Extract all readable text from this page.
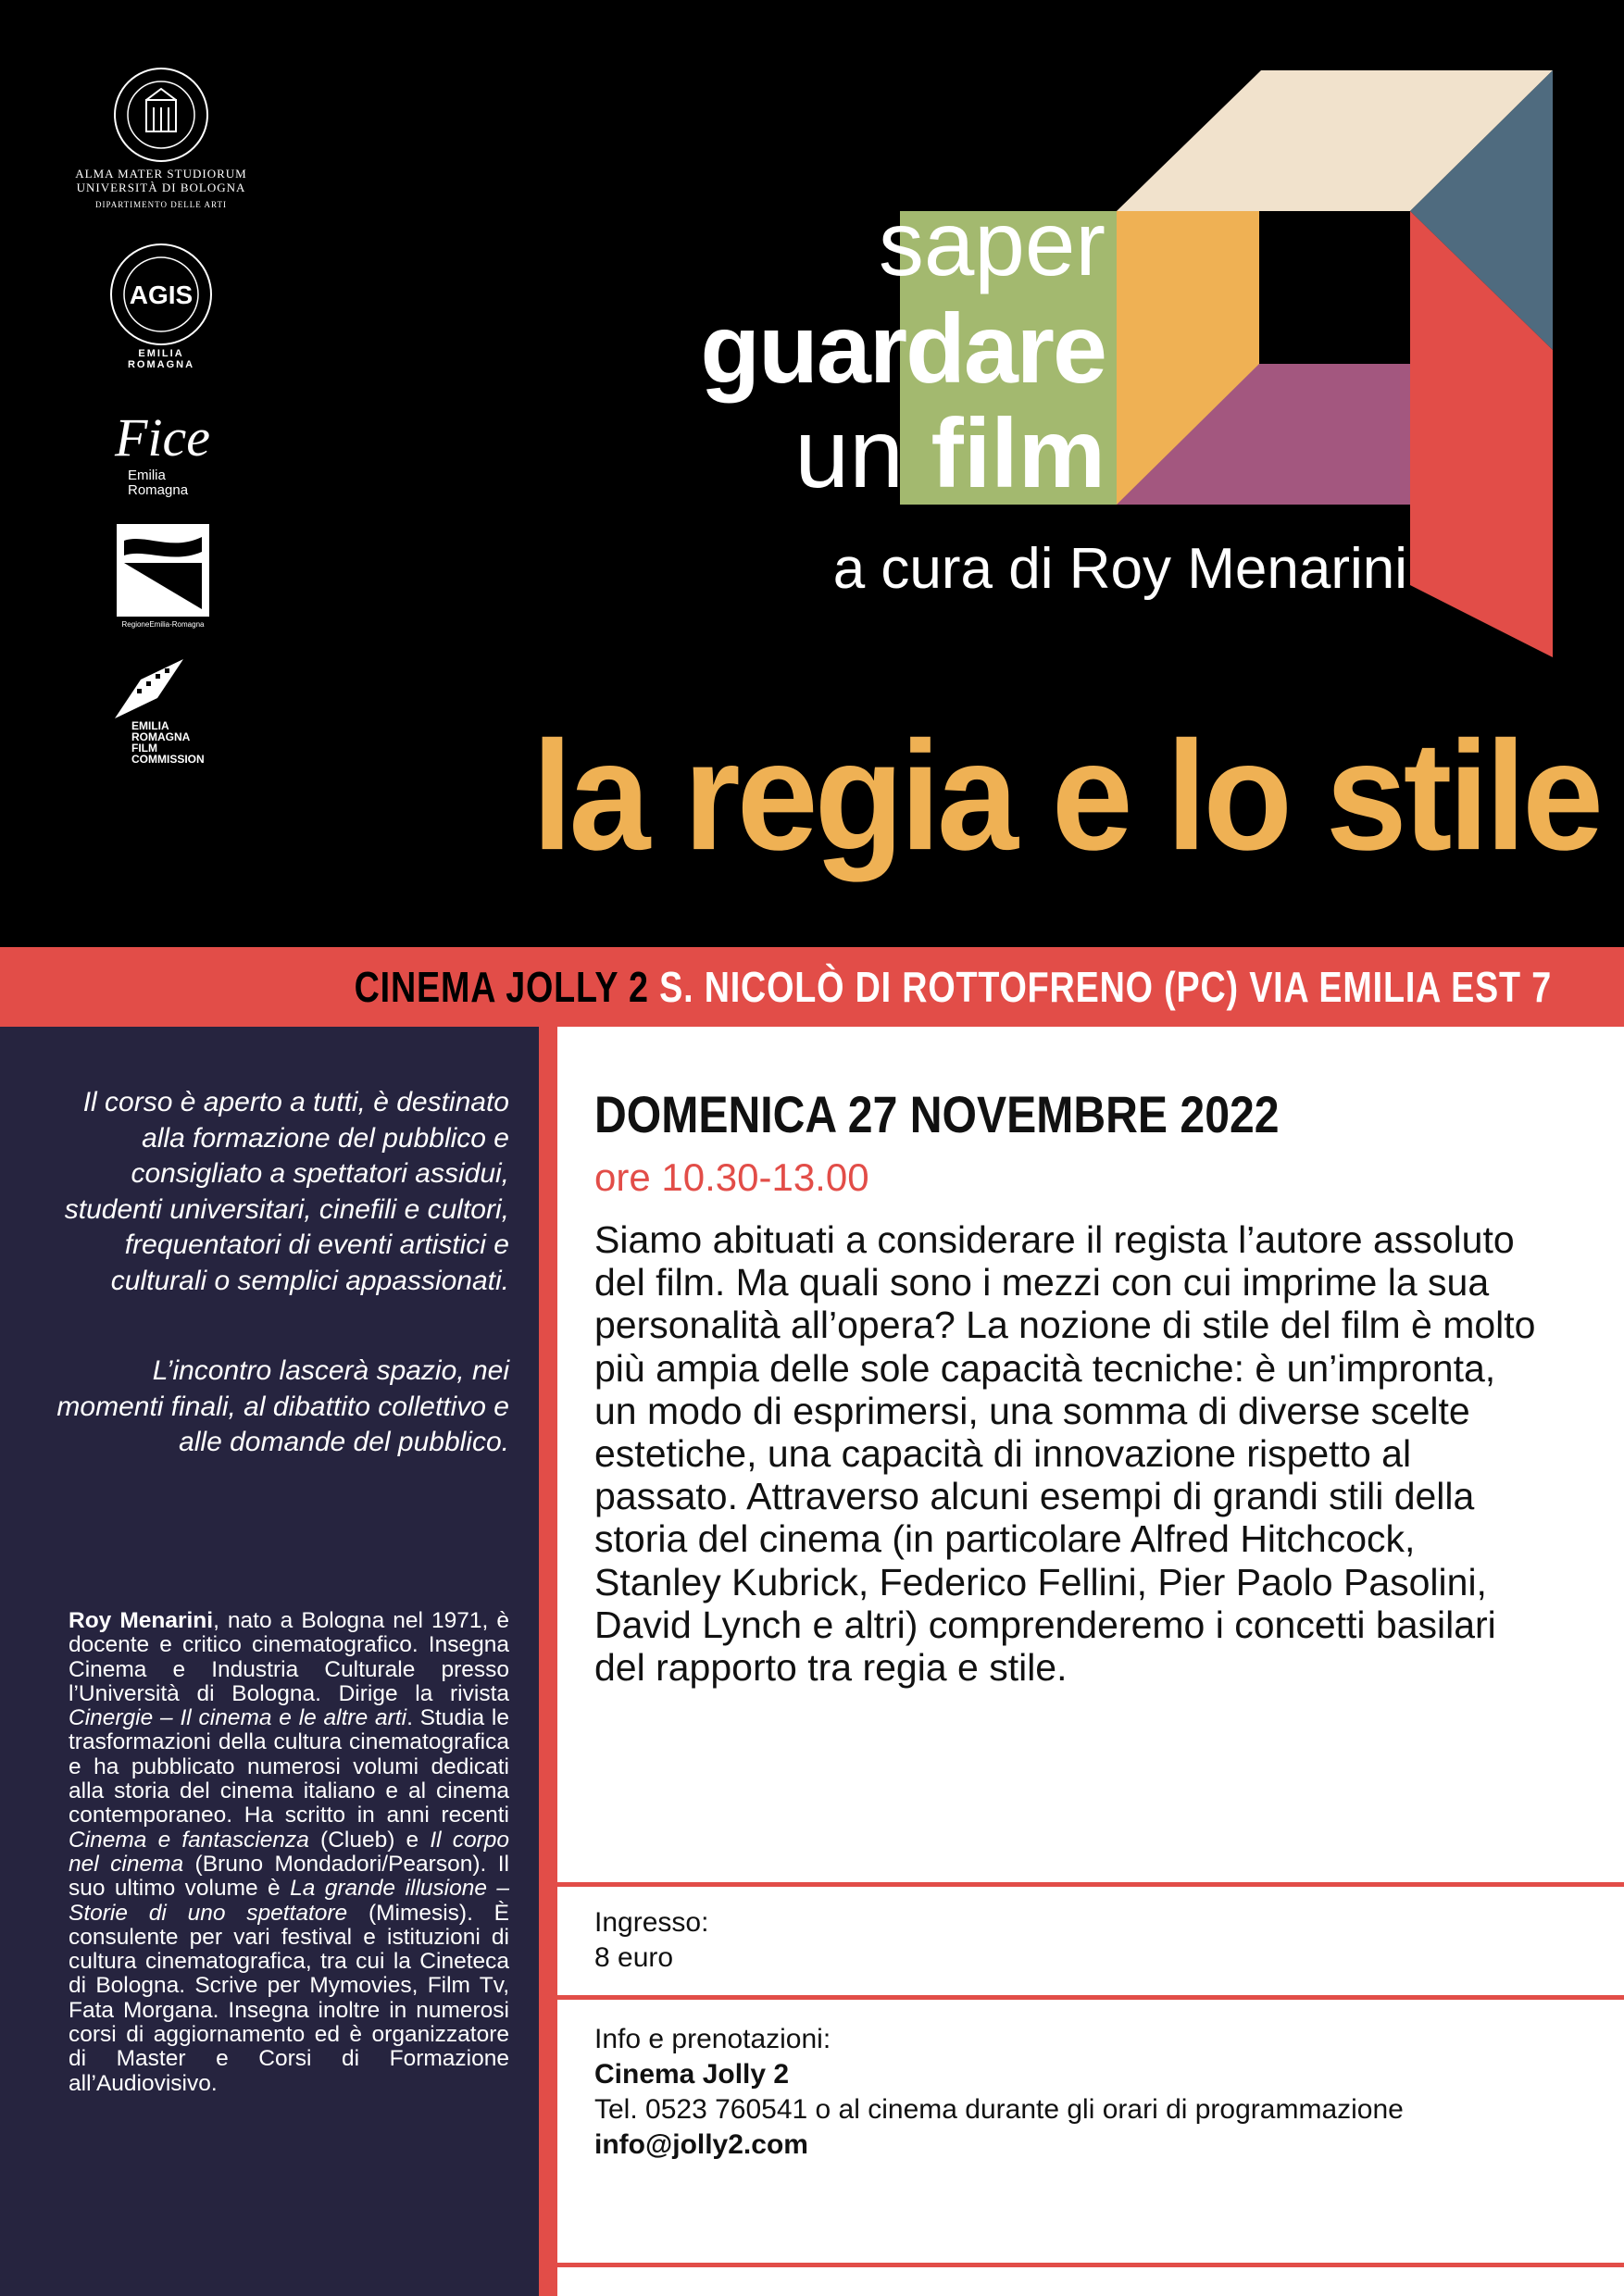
ALMA MATER STUDIORUM
UNIVERSITÀ DI BOLOGNA
DIPARTIMENTO DELLE ARTI
AGIS
EMILIA
ROMAGNA
Fice
Emilia
Romagna
RegioneEmilia-Romagna
EMILIA
ROMAGNA
FILM
COMMISSION
saper
guardare
un film
a cura di Roy Menarini
la regia e lo stile
CINEMA JOLLY 2 S. NICOLÒ DI ROTTOFRENO (PC) VIA EMILIA EST 7

Il corso è aperto a tutti, è destinato alla formazione del pubblico e consigliato a spettatori assidui, studenti universitari, cinefili e cultori, frequentatori di eventi artistici e culturali o semplici appassionati.

L’incontro lascerà spazio, nei momenti finali, al dibattito collettivo e alle domande del pubblico.

Roy Menarini, nato a Bologna nel 1971, è docente e critico cinematografico. Insegna Cinema e Industria Culturale presso l’Università di Bologna. Dirige la rivista Cinergie – Il cinema e le altre arti. Studia le trasformazioni della cultura cinematografica e ha pubblicato numerosi volumi dedicati alla storia del cinema italiano e al cinema contemporaneo. Ha scritto in anni recenti Cinema e fantascienza (Clueb) e Il corpo nel cinema (Bruno Mondadori/Pearson). Il suo ultimo volume è La grande illusione – Storie di uno spettatore (Mimesis). È consulente per vari festival e istituzioni di cultura cinematografica, tra cui la Cineteca di Bologna. Scrive per Mymovies, Film Tv, Fata Morgana. Insegna inoltre in numerosi corsi di aggiornamento ed è organizzatore di Master e Corsi di Formazione all’Audiovisivo.

DOMENICA 27 NOVEMBRE 2022
ore 10.30-13.00

Siamo abituati a considerare il regista l’autore assoluto del film. Ma quali sono i mezzi con cui imprime la sua personalità all’opera? La nozione di stile del film è molto più ampia delle sole capacità tecniche: è un’impronta, un modo di esprimersi, una somma di diverse scelte estetiche, una capacità di innovazione rispetto al passato. Attraverso alcuni esempi di grandi stili della storia del cinema (in particolare Alfred Hitchcock, Stanley Kubrick, Federico Fellini, Pier Paolo Pasolini, David Lynch e altri) comprenderemo i concetti basilari del rapporto tra regia e stile.

Ingresso:
8 euro
Info e prenotazioni:
Cinema Jolly 2
Tel. 0523 760541 o al cinema durante gli orari di programmazione
info@jolly2.com
